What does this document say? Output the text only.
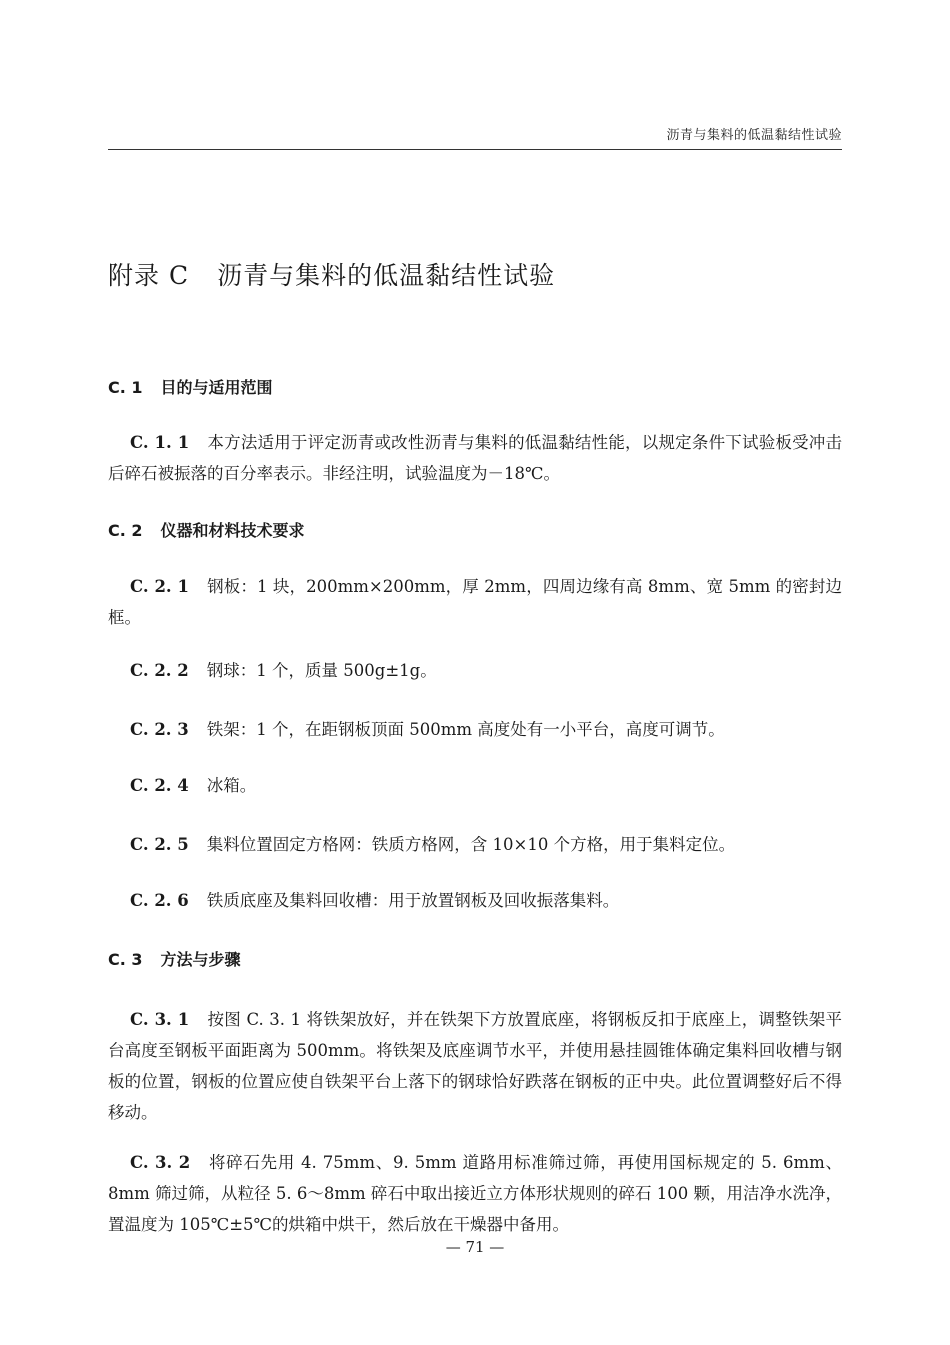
沥青与集料的低温黏结性试验
附录 C 沥青与集料的低温黏结性试验
C. 1 目的与适用范围

C. 1. 1 本方法适用于评定沥青或改性沥青与集料的低温黏结性能，以规定条件下试验板受冲击后碎石被振落的百分率表示。非经注明，试验温度为－18℃。

C. 2 仪器和材料技术要求

C. 2. 1 钢板：1 块，200mm×200mm，厚 2mm，四周边缘有高 8mm、宽 5mm 的密封边框。

C. 2. 2 钢球：1 个，质量 500g±1g。

C. 2. 3 铁架：1 个，在距钢板顶面 500mm 高度处有一小平台，高度可调节。

C. 2. 4 冰箱。

C. 2. 5 集料位置固定方格网：铁质方格网，含 10×10 个方格，用于集料定位。

C. 2. 6 铁质底座及集料回收槽：用于放置钢板及回收振落集料。

C. 3 方法与步骤

C. 3. 1 按图 C. 3. 1 将铁架放好，并在铁架下方放置底座，将钢板反扣于底座上，调整铁架平台高度至钢板平面距离为 500mm。将铁架及底座调节水平，并使用悬挂圆锥体确定集料回收槽与钢板的位置，钢板的位置应使自铁架平台上落下的钢球恰好跌落在钢板的正中央。此位置调整好后不得移动。

C. 3. 2 将碎石先用 4. 75mm、9. 5mm 道路用标准筛过筛，再使用国标规定的 5. 6mm、8mm 筛过筛，从粒径 5. 6～8mm 碎石中取出接近立方体形状规则的碎石 100 颗，用洁净水洗净，置温度为 105℃±5℃的烘箱中烘干，然后放在干燥器中备用。

— 71 —
